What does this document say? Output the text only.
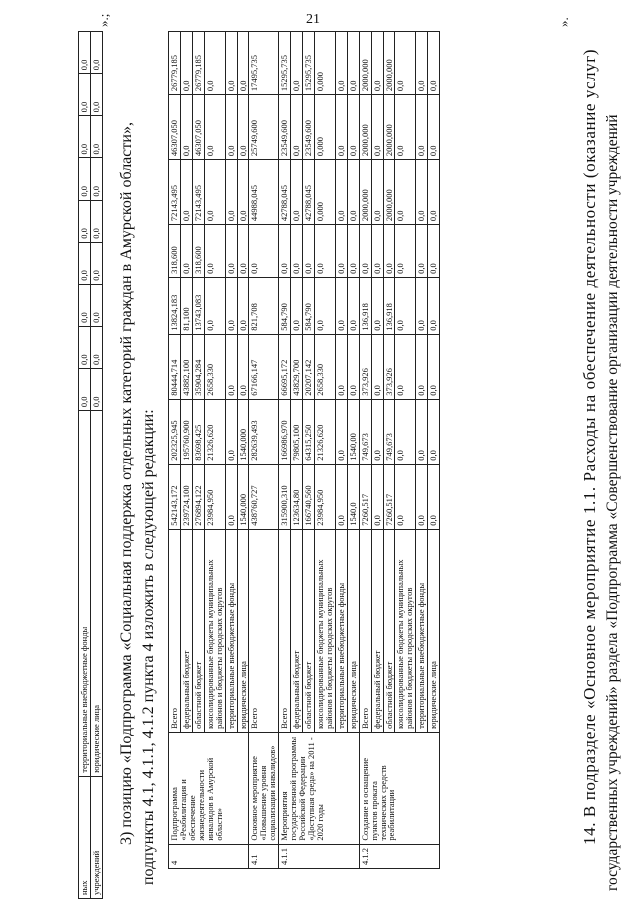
21
ных	территориальные внебюджетные фонды	0,0	0,0	0,0	0,0	0,0	0,0	0,0	0,0	0,0
учреждений	юридические лица	0,0	0,0	0,0	0,0	0,0	0,0	0,0	0,0	0,0
».;
3) позицию «Подпрограмма «Социальная поддержка отдельных категорий граждан в Амурской области», подпункты 4.1, 4.1.1, 4.1.2 пункта 4 изложить в следующей редакции: 4	Подпрограмма «Реабилитация и обеспечение жизнедеятельности инвалидов в Амурской области»	Всего	542143,172	202325,945	80444,714	13824,183	318,600	72143,495	46307,050	26779,185
		федеральный бюджет	239724,100	195760,900	43882,100	81,100	0,0	0,0	0,0	0,0
		областной бюджет	276894,122	83698,425	35904,284	13743,083	318,600	72143,495	46307,050	26779,185
		консолидированные бюджеты муниципальных районов и бюджеты городских округов	23984,950	21326,620	2658,330	0,0	0,0	0,0	0,0	0,0
		территориальные внебюджетные фонды	0,0	0,0	0,0	0,0	0,0	0,0	0,0	0,0
		юридические лица	1540,000	1540,000	0,0	0,0	0,0	0,0	0,0	0,0
4.1	Основное мероприятие «Повышение уровня социализации инвалидов»	Всего	438760,727	282639,493	67166,147	821,708	0,0	44988,045	25749,600	17495,735
4.1.1	Мероприятия государственной программы Российской Федерации «Доступная среда» на 2011 - 2020 годы	Всего	315900,310	166986,970	66695,172	584,790	0,0	42788,045	23549,600	15295,735
		федеральный бюджет	123634,80	79805,100	43829,700	0,0	0,0	0,0	0,0	0,0
		областной бюджет	166740,560	64315,250	20207,142	584,790	0,0	42788,045	23549,600	15295,735
		консолидированные бюджеты муниципальных районов и бюджеты городских округов	23984,950	21326,620	2658,330	0,0	0,0	0,000	0,000	0,000
		территориальные внебюджетные фонды	0,0	0,0	0,0	0,0	0,0	0,0	0,0	0,0
		юридические лица	1540,0	1540,00	0,0	0,0	0,0	0,0	0,0	0,0
4.1.2	Создание и оснащение пунктов проката технических средств реабилитации	Всего	7260,517	749,673	373,926	136,918	0,0	2000,000	2000,000	2000,000
		федеральный бюджет	0,0	0,0	0,0	0,0	0,0	0,0	0,0	0,0
		областной бюджет	7260,517	749,673	373,926	136,918	0,0	2000,000	2000,000	2000,000
		консолидированные бюджеты муниципальных районов и бюджеты городских округов	0,0	0,0	0,0	0,0	0,0	0,0	0,0	0,0
		территориальные внебюджетные фонды	0,0	0,0	0,0	0,0	0,0	0,0	0,0	0,0
		юридические лица	0,0	0,0	0,0	0,0	0,0	0,0	0,0	0,0
».
14. В подразделе «Основное мероприятие 1.1. Расходы на обеспечение деятельности (оказание услуг) государственных учреждений» раздела «Подпрограмма «Совершенствование организации деятельности учреждений
